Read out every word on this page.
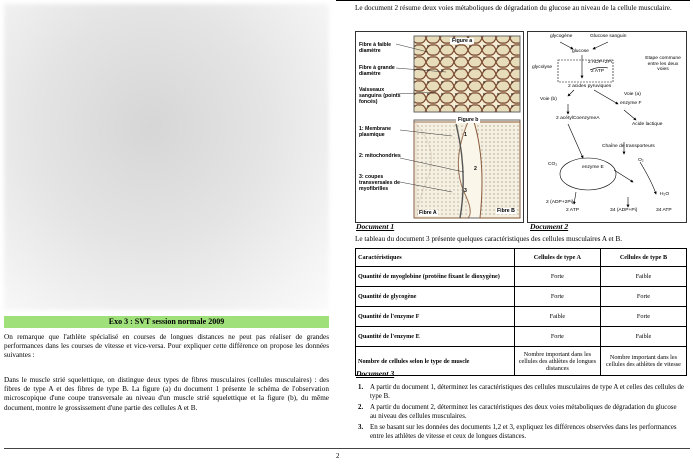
Exo 3 : SVT session normale 2009
On remarque que l'athlète spécialisé en courses de longues distances ne peut pas réaliser de grandes performances dans les courses de vitesse et vice-versa. Pour expliquer cette différence on propose les données suivantes :
Dans le muscle strié squelettique, on distingue deux types de fibres musculaires (cellules musculaires) : des fibres de type A et des fibres de type B. La figure (a) du document 1 présente le schéma de l'observation microscopique d'une coupe transversale au niveau d'un muscle strié squelettique et la figure (b), du même document, montre le grossissement d'une partie des cellules A et B.
Le document 2 résume deux voies métaboliques de dégradation du glucose au niveau de la cellule musculaire.
Figure a
Figure b
Fibre à faible diamètre
Fibre à grande diamètre
Vaisseaux sanguins (points foncés)
1: Membrane plasmique
2: mitochondries
3: coupes transversales de myofibrilles
Fibre A	Fibre B
1
2
3
glycogène	Glucose sanguin
glucose
glycolyse
2 ADP+2Pi
2 ATP
Etape commune entre les deux voies
2 acides pyruviques
Voie (b)
Voie (a)
enzyme F
2 acétylCoenzymeA
Acide lactique
Chaîne de transporteurs
CO₂
enzyme E
O₂
H₂O
2 (ADP+2Pi)
2 ATP	34 (ADP+Pi)	34 ATP
Document 1	Document 2
Le tableau du document 3 présente quelques caractéristiques des cellules musculaires A et B.
Caractéristiques	Cellules de type A	Cellules de type B
Quantité de myoglobine (protéine fixant le dioxygène)	Forte	Faible
Quantité de glycogène	Forte	Forte
Quantité de l'enzyme F	Faible	Forte
Quantité de l'enzyme E	Forte	Faible
Nombre de cellules selon le type de muscle	Nombre important dans les cellules des athlètes de longues distances	Nombre important dans les cellules des athlètes de vitesse
Document 3
1. A partir du document 1, déterminez les caractéristiques des cellules musculaires de type A et celles des cellules de type B.
2. A partir du document 2, déterminez les caractéristiques des deux voies métaboliques de dégradation du glucose au niveau des cellules musculaires.
3. En se basant sur les données des documents 1,2 et 3, expliquez les différences observées dans les performances entre les athlètes de vitesse et ceux de longues distances.
2
